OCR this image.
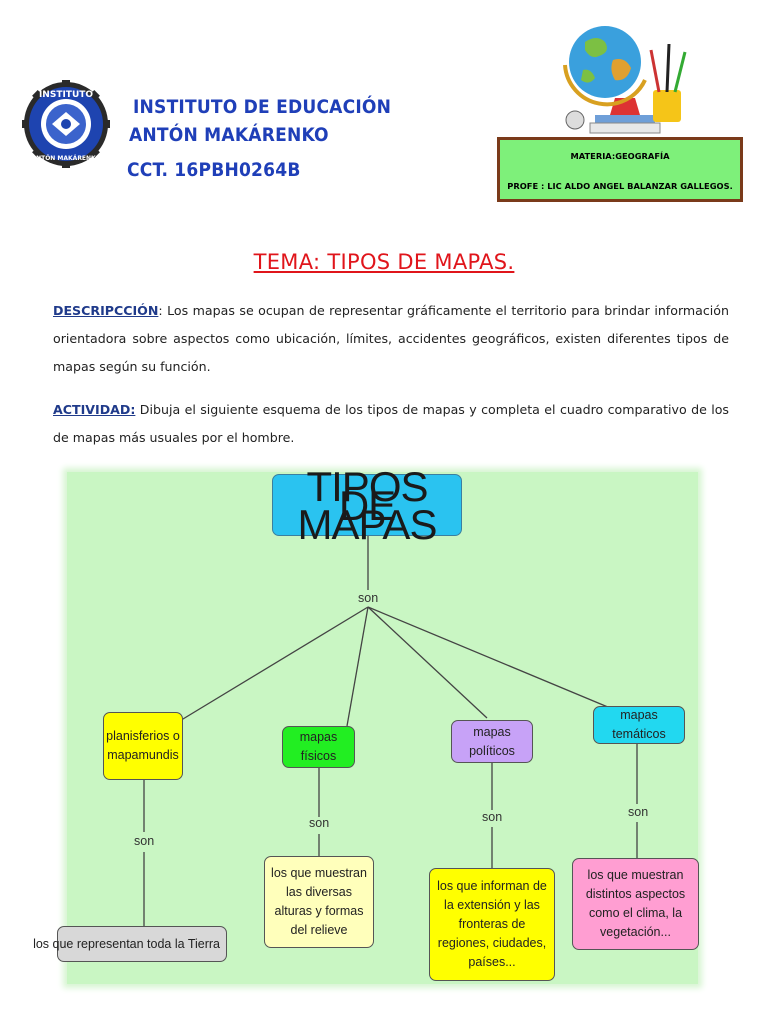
INSTITUTO
ANTÓN MAKÁRENKO
INSTITUTO DE EDUCACIÓN
ANTÓN MAKÁRENKO
CCT. 16PBH0264B
MATERIA:GEOGRAFÍA
PROFE : LIC ALDO ANGEL BALANZAR GALLEGOS.
TEMA: TIPOS DE MAPAS.
DESCRIPCCIÓN: Los mapas se ocupan de representar gráficamente el territorio para brindar información orientadora sobre aspectos como ubicación, límites, accidentes geográficos, existen diferentes tipos de mapas según su función.
ACTIVIDAD: Dibuja el siguiente esquema de los tipos de mapas y completa el cuadro comparativo de los de mapas más usuales por el hombre.
TIPOS DE MAPAS
son
planisferios o mapamundis
mapas físicos
mapas políticos
mapas temáticos
son
son	son	son
los que representan toda la Tierra
los que muestran las diversas alturas y formas del relieve
los que informan de la extensión y las fronteras de regiones, ciudades, países...
los que muestran distintos aspectos como el clima, la vegetación...
